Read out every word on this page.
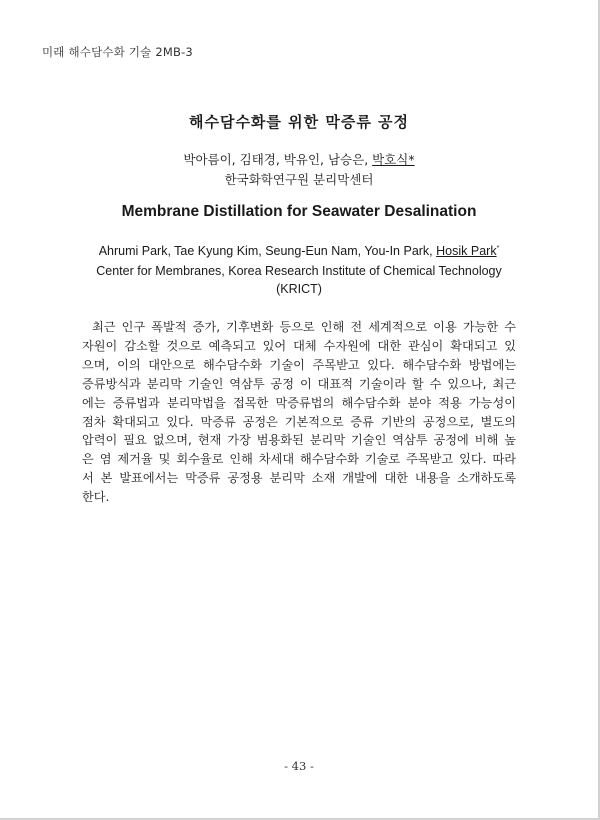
미래 해수담수화 기술 2MB-3
해수담수화를 위한 막증류 공정
박아름이, 김태경, 박유인, 남승은, 박호식*
한국화학연구원 분리막센터
Membrane Distillation for Seawater Desalination
Ahrumi Park, Tae Kyung Kim, Seung-Eun Nam, You-In Park, Hosik Park*
Center for Membranes, Korea Research Institute of Chemical Technology
(KRICT)
최근 인구 폭발적 증가, 기후변화 등으로 인해 전 세계적으로 이용 가능한 수
자원이 감소할 것으로 예측되고 있어 대체 수자원에 대한 관심이 확대되고 있
으며, 이의 대안으로 해수담수화 기술이 주목받고 있다. 해수담수화 방법에는
증류방식과 분리막 기술인 역삼투 공정 이 대표적 기술이라 할 수 있으나, 최근
에는 증류법과 분리막법을 접목한 막증류법의 해수담수화 분야 적용 가능성이
점차 확대되고 있다. 막증류 공정은 기본적으로 증류 기반의 공정으로, 별도의
압력이 필요 없으며, 현재 가장 범용화된 분리막 기술인 역삼투 공정에 비해 높
은 염 제거율 및 회수율로 인해 차세대 해수담수화 기술로 주목받고 있다. 따라
서 본 발표에서는 막증류 공정용 분리막 소재 개발에 대한 내용을 소개하도록
한다.
- 43 -
